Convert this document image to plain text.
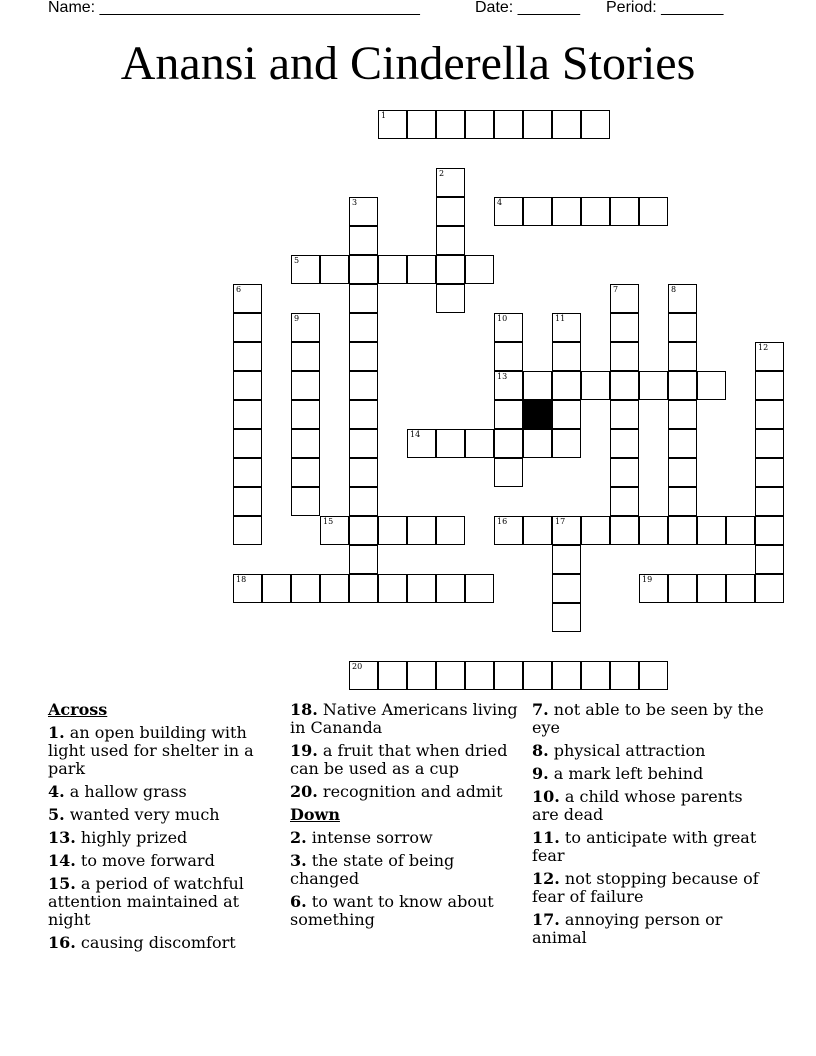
Name: ____________________________________	Date: _______ Period: _______
Anansi and Cinderella Stories
1
2
3	4
5
6	7	8
9	10	11
12
13
14
15	16	17
18	19
20
Across
1. an open building with light used for shelter in a park
4. a hallow grass
5. wanted very much
13. highly prized
14. to move forward
15. a period of watchful attention maintained at night
16. causing discomfort
18. Native Americans living in Cananda
19. a fruit that when dried can be used as a cup
20. recognition and admit
Down
2. intense sorrow
3. the state of being changed
6. to want to know about something
7. not able to be seen by the eye
8. physical attraction
9. a mark left behind
10. a child whose parents are dead
11. to anticipate with great fear
12. not stopping because of fear of failure
17. annoying person or animal
